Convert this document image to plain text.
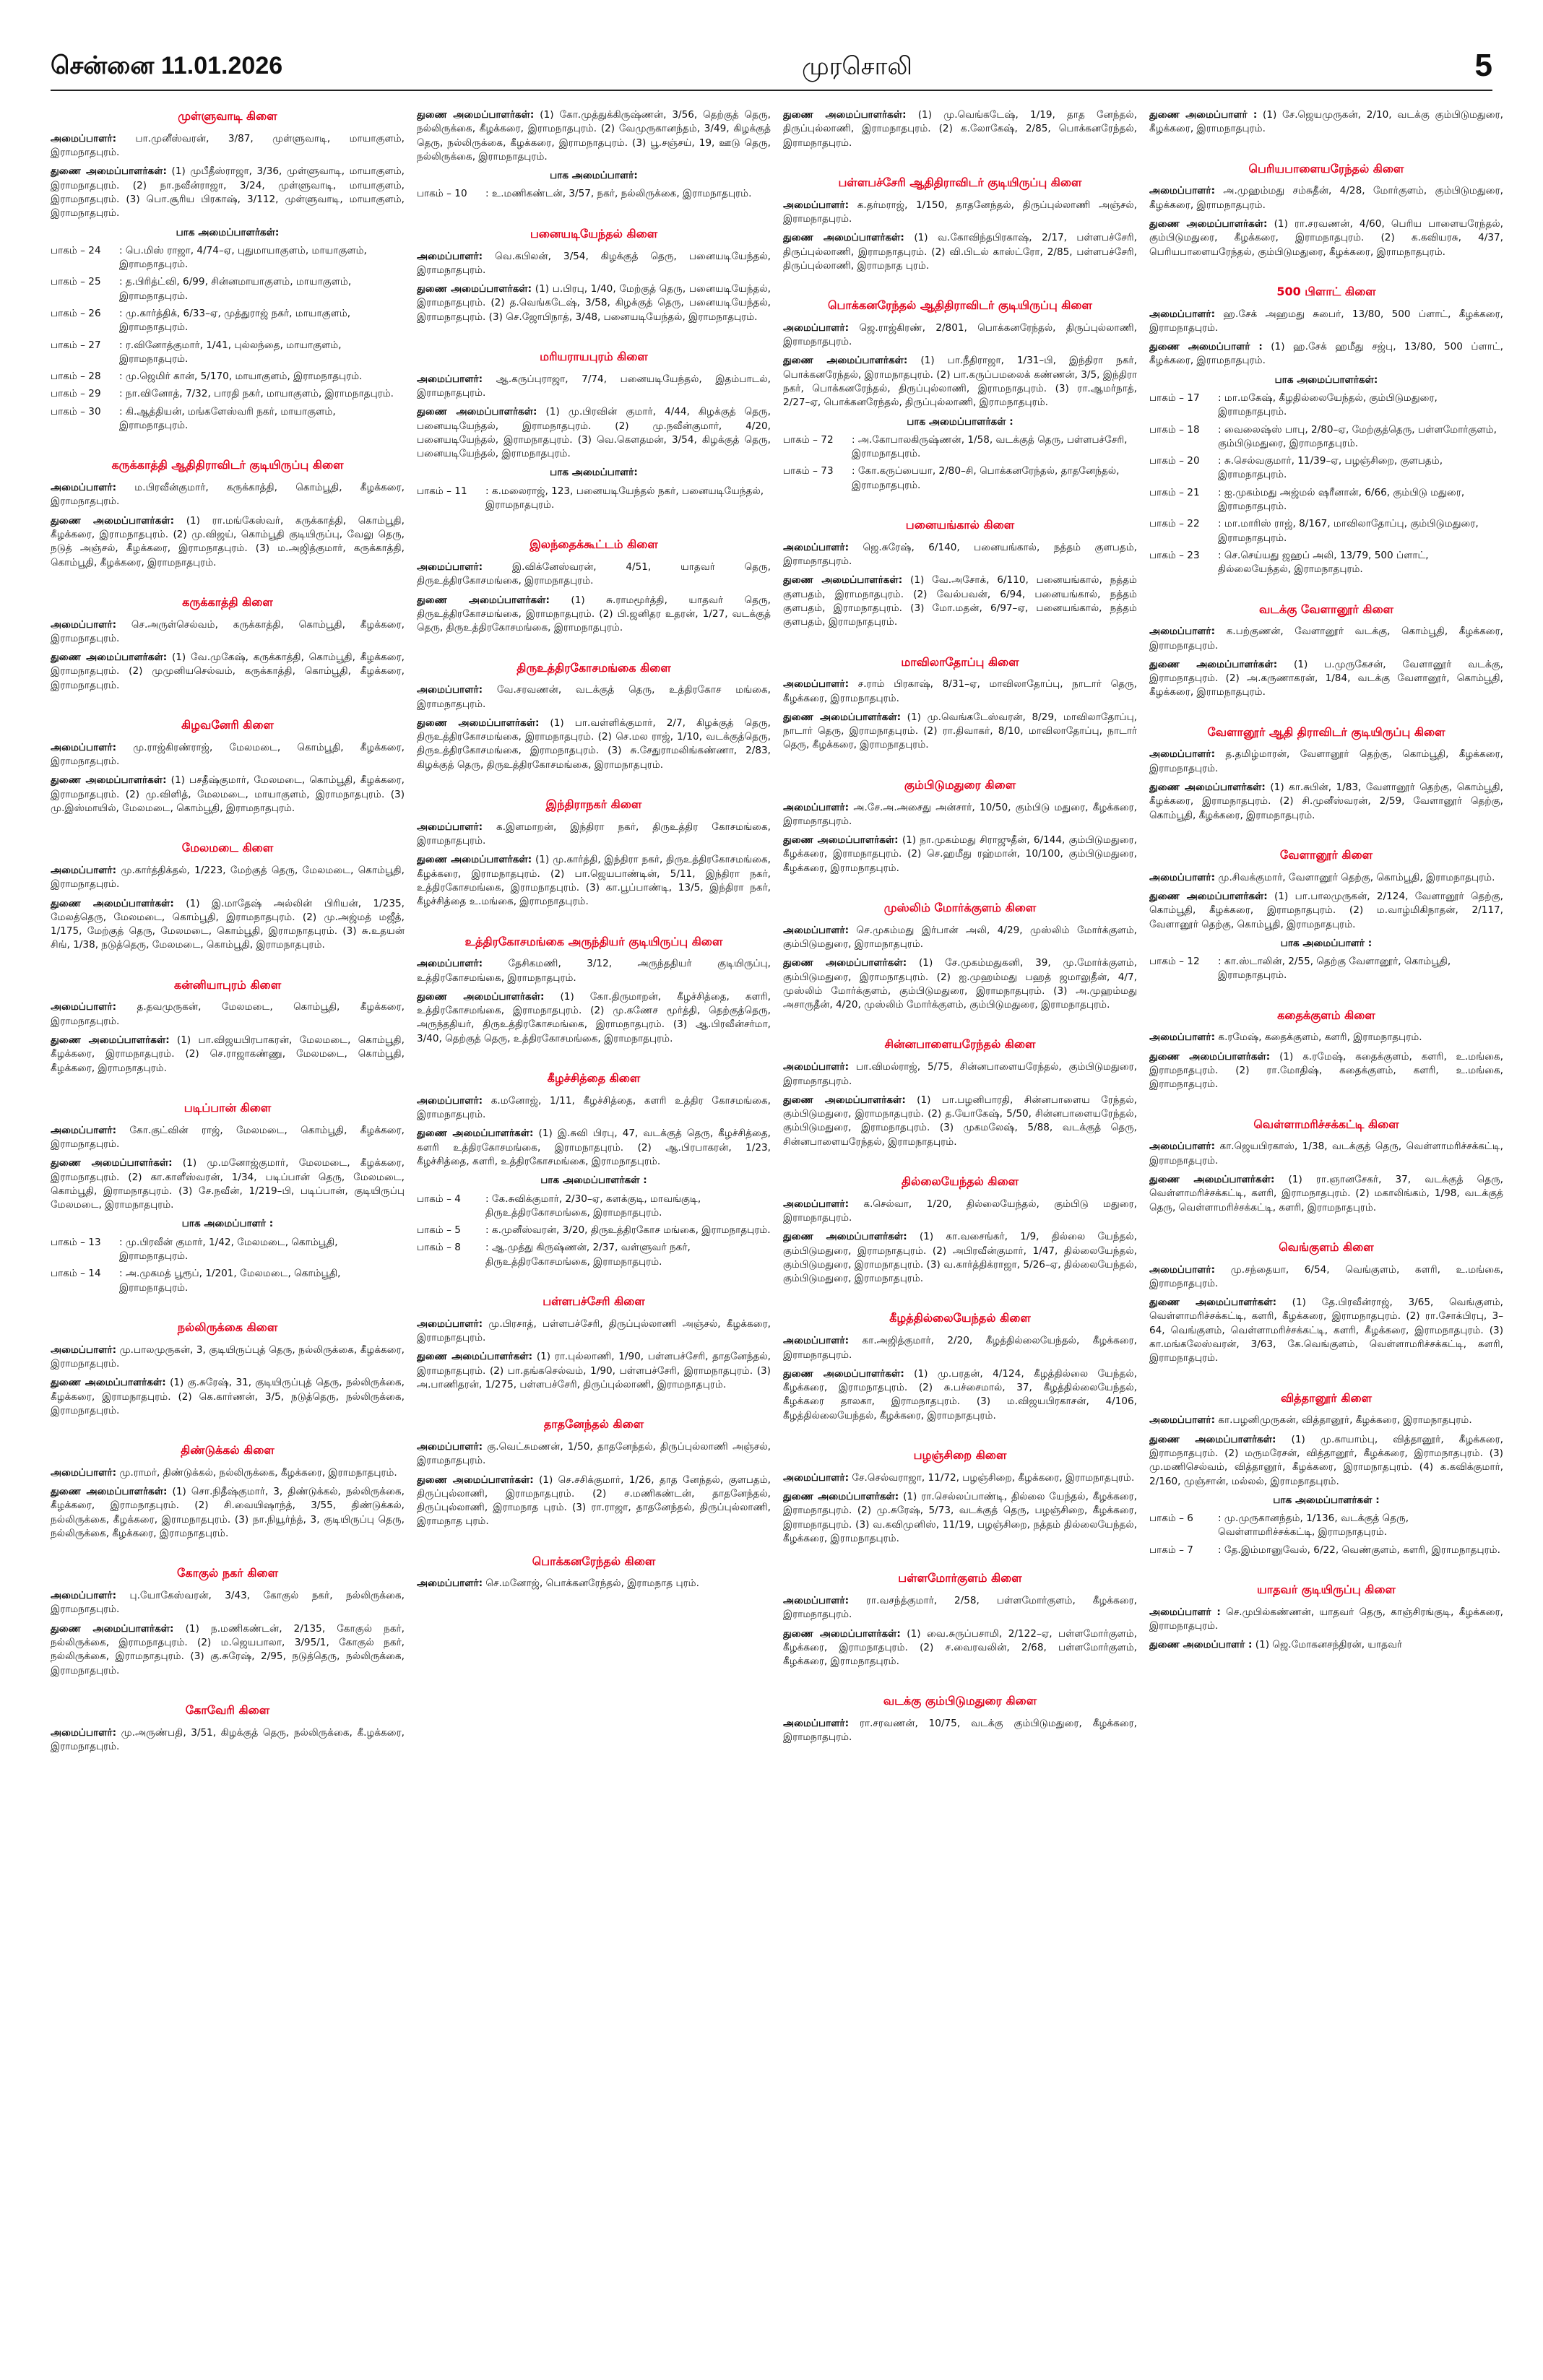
சென்னை 11.01.2026	முரசொலி	5
முள்ளுவாடி கிளை
அமைப்பாளர்: பா.முனீஸ்வரன், 3/87, முள்ளுவாடி, மாயாகுளம், இராமநாதபுரம்.
துணை அமைப்பாளர்கள்: (1) முபீதீஸ்ராஜா, 3/36, முள்ளுவாடி, மாயாகுளம், இராமநாதபுரம். (2) நா.நவீன்ராஜா, 3/24, முள்ளுவாடி, மாயாகுளம், இராமநாதபுரம். (3) பொ.சூரிய பிரகாஷ், 3/112, முள்ளுவாடி, மாயாகுளம், இராமநாதபுரம்.
பாக அமைப்பாளர்கள்:
பாகம் – 24	: பெ.மிஸ் ராஜா, 4/74–ஏ, புதுமாயாகுளம், மாயாகுளம், இராமநாதபுரம்.
பாகம் – 25	: த.பிரித்ட்வி, 6/99, சின்னமாயாகுளம், மாயாகுளம், இராமநாதபுரம்.
பாகம் – 26	: மு.கார்த்திக், 6/33–ஏ, முத்துராஜ் நகர், மாயாகுளம், இராமநாதபுரம்.
பாகம் – 27	: ர.வினோத்குமார், 1/41, புல்லந்தை, மாயாகுளம், இராமநாதபுரம்.
பாகம் – 28	: மு.ஜெமிர் கான், 5/170, மாயாகுளம், இராமநாதபுரம்.
பாகம் – 29	: நா.வினோத், 7/32, பாரதி நகர், மாயாகுளம், இராமநாதபுரம்.
பாகம் – 30	: கி.ஆத்தியன், மங்களேஸ்வரி நகர், மாயாகுளம், இராமநாதபுரம்.
கருக்காத்தி ஆதிதிராவிடர் குடியிருப்பு கிளை
அமைப்பாளர்: ம.பிரவீன்குமார், கருக்காத்தி, கொம்பூதி, கீழக்கரை, இராமநாதபுரம்.
துணை அமைப்பாளர்கள்: (1) ரா.மங்கேஸ்வர், கருக்காத்தி, கொம்பூதி, கீழக்கரை, இராமநாதபுரம். (2) மு.விஜய், கொம்பூதி குடியிருப்பு, வேலு தெரு, நடுத் அஞ்சல், கீழக்கரை, இராமநாதபுரம். (3) ம.அஜித்குமார், கருக்காத்தி, கொம்பூதி, கீழக்கரை, இராமநாதபுரம்.
கருக்காத்தி கிளை
அமைப்பாளர்: செ.அருள்செல்வம், கருக்காத்தி, கொம்பூதி, கீழக்கரை, இராமநாதபுரம்.
துணை அமைப்பாளர்கள்: (1) வே.முகேஷ், கருக்காத்தி, கொம்பூதி, கீழக்கரை, இராமநாதபுரம். (2) முமுனியசெல்வம், கருக்காத்தி, கொம்பூதி, கீழக்கரை, இராமநாதபுரம்.
கிழவனேரி கிளை
அமைப்பாளர்: மு.ராஜ்கிரண்ராஜ், மேலமடை, கொம்பூதி, கீழக்கரை, இராமநாதபுரம்.
துணை அமைப்பாளர்கள்: (1) பசதீஷ்குமார், மேலமடை, கொம்பூதி, கீழக்கரை, இராமநாதபுரம். (2) மு.விளித், மேலமடை, மாயாகுளம், இராமநாதபுரம். (3) மு.இஸ்மாயில், மேலமடை, கொம்பூதி, இராமநாதபுரம்.
மேலமடை கிளை
அமைப்பாளர்: மு.கார்த்திக்தல், 1/223, மேற்குத் தெரு, மேலமடை, கொம்பூதி, இராமநாதபுரம்.
துணை அமைப்பாளர்கள்: (1) இ.மாதேஷ் அல்லின் பிரியன், 1/235, மேலத்தெரு, மேலமடை, கொம்பூதி, இராமநாதபுரம். (2) மு.அஜ்மத் மஜீத், 1/175, மேற்குத் தெரு, மேலமடை, கொம்பூதி, இராமநாதபுரம். (3) சு.உதயன் சிங், 1/38, நடுத்தெரு, மேலமடை, கொம்பூதி, இராமநாதபுரம்.
கன்னியாபுரம் கிளை
அமைப்பாளர்: த.தவமுருகன், மேலமடை, கொம்பூதி, கீழக்கரை, இராமநாதபுரம்.
துணை அமைப்பாளர்கள்: (1) பா.விஜயபிரபாகரன், மேலமடை, கொம்பூதி, கீழக்கரை, இராமநாதபுரம். (2) செ.ராஜாகண்ணு, மேலமடை, கொம்பூதி, கீழக்கரை, இராமநாதபுரம்.
படிப்பான் கிளை
அமைப்பாளர்: கோ.குட்வின் ராஜ், மேலமடை, கொம்பூதி, கீழக்கரை, இராமநாதபுரம்.
துணை அமைப்பாளர்கள்: (1) மு.மனோஜ்குமார், மேலமடை, கீழக்கரை, இராமநாதபுரம். (2) கா.காளீஸ்வரன், 1/34, படிப்பான் தெரு, மேலமடை, கொம்பூதி, இராமநாதபுரம். (3) சே.நவீன், 1/219–பி, படிப்பான், குடியிருப்பு மேலமடை, இராமநாதபுரம்.
பாக அமைப்பாளர் :
பாகம் – 13	: மு.பிரவீன் குமார், 1/42, மேலமடை, கொம்பூதி, இராமநாதபுரம்.
பாகம் – 14	: அ.முகமத் பூரூப், 1/201, மேலமடை, கொம்பூதி, இராமநாதபுரம்.
நல்லிருக்கை கிளை
அமைப்பாளர்: மு.பாலமுருகன், 3, குடியிருப்புத் தெரு, நல்லிருக்கை, கீழக்கரை, இராமநாதபுரம்.
துணை அமைப்பாளர்கள்: (1) கு.சுரேஷ், 31, குடியிருப்புத் தெரு, நல்லிருக்கை, கீழக்கரை, இராமநாதபுரம். (2) கெ.கார்ணன், 3/5, நடுத்தெரு, நல்லிருக்கை, இராமநாதபுரம்.
திண்டுக்கல் கிளை
அமைப்பாளர்: மு.ராமர், திண்டுக்கல், நல்லிருக்கை, கீழக்கரை, இராமநாதபுரம்.
துணை அமைப்பாளர்கள்: (1) சொ.நிதீஷ்குமார், 3, திண்டுக்கல், நல்லிருக்கை, கீழக்கரை, இராமநாதபுரம். (2) சி.வையிஷாந்த், 3/55, திண்டுக்கல், நல்லிருக்கை, கீழக்கரை, இராமநாதபுரம். (3) நா.நியூர்ந்த், 3, குடியிருப்பு தெரு, நல்லிருக்கை, கீழக்கரை, இராமநாதபுரம்.
கோகுல் நகர் கிளை
அமைப்பாளர்: பு.யோகேஸ்வரன், 3/43, கோகுல் நகர், நல்லிருக்கை, இராமநாதபுரம்.
துணை அமைப்பாளர்கள்: (1) ந.மணிகண்டன், 2/135, கோகுல் நகர், நல்லிருக்கை, இராமநாதபுரம். (2) ம.ஜெயபாலா, 3/95/1, கோகுல் நகர், நல்லிருக்கை, இராமநாதபுரம். (3) கு.சுரேஷ், 2/95, நடுத்தெரு, நல்லிருக்கை, இராமநாதபுரம்.
கோவேரி கிளை
அமைப்பாளர்: மு.அருண்பதி, 3/51, கிழக்குத் தெரு, நல்லிருக்கை, கீ.ழக்கரை, இராமநாதபுரம்.
துணை அமைப்பாளர்கள்: (1) கோ.முத்துக்கிருஷ்ணன், 3/56, தெற்குத் தெரு, நல்லிருக்கை, கீழக்கரை, இராமநாதபுரம். (2) வேமுருகானந்தம், 3/49, கிழக்குத் தெரு, நல்லிருக்கை, கீழக்கரை, இராமநாதபுரம். (3) பூ.சஞ்சய், 19, ஊடு தெரு, நல்லிருக்கை, இராமநாதபுரம்.
பாக அமைப்பாளர்:
பாகம் – 10	: உ.மணிகண்டன், 3/57, நகர், நல்லிருக்கை, இராமநாதபுரம்.
பனையடியேந்தல் கிளை
அமைப்பாளர்: வெ.கபிலன், 3/54, கிழக்குத் தெரு, பனையடியேந்தல், இராமநாதபுரம்.
துணை அமைப்பாளர்கள்: (1) ப.பிரபு, 1/40, மேற்குத் தெரு, பனையடியேந்தல், இராமநாதபுரம். (2) த.வெங்கடேஷ், 3/58, கிழக்குத் தெரு, பனையடியேந்தல், இராமநாதபுரம். (3) செ.ஜோபிநாத், 3/48, பனையடியேந்தல், இராமநாதபுரம்.
மரியராயபுரம் கிளை
அமைப்பாளர்: ஆ.கருப்புராஜா, 7/74, பனையடியேந்தல், இதம்பாடல், இராமநாதபுரம்.
துணை அமைப்பாளர்கள்: (1) மு.பிரவின் குமார், 4/44, கிழக்குத் தெரு, பனையடியேந்தல், இராமநாதபுரம். (2) மு.நவீன்குமார், 4/20, பனையடியேந்தல், இராமநாதபுரம். (3) வெ.கௌதமன், 3/54, கிழக்குத் தெரு, பனையடியேந்தல், இராமநாதபுரம்.
பாக அமைப்பாளர்:
பாகம் – 11	: க.மலைராஜ், 123, பனையடியேந்தல் நகர், பனையடியேந்தல், இராமநாதபுரம்.
இலந்தைக்கூட்டம் கிளை
அமைப்பாளர்: இ.விக்னேஸ்வரன், 4/51, யாதவர் தெரு, திருஉத்திரகோசமங்கை, இராமநாதபுரம்.
துணை அமைப்பாளர்கள்: (1) சு.ராமமூர்த்தி, யாதவர் தெரு, திருஉத்திரகோசமங்கை, இராமநாதபுரம். (2) பி.ஜனிதர உதரன், 1/27, வடக்குத் தெரு, திருஉத்திரகோசமங்கை, இராமநாதபுரம்.
திருஉத்திரகோசமங்கை கிளை
அமைப்பாளர்: வே.சரவணன், வடக்குத் தெரு, உத்திரகோச மங்கை, இராமநாதபுரம்.
துணை அமைப்பாளர்கள்: (1) பா.வள்ளிக்குமார், 2/7, கிழக்குத் தெரு, திருஉத்திரகோசமங்கை, இராமநாதபுரம். (2) செ.மல ராஜ், 1/10, வடக்குத்தெரு, திருஉத்திரகோசமங்கை, இராமநாதபுரம். (3) சு.சேதுராமலிங்கண்ணா, 2/83, கிழக்குத் தெரு, திருஉத்திரகோசமங்கை, இராமநாதபுரம்.
இந்திராநகர் கிளை
அமைப்பாளர்: க.இளமாறன், இந்திரா நகர், திருஉத்திர கோசமங்கை, இராமநாதபுரம்.
துணை அமைப்பாளர்கள்: (1) மு.கார்த்தி, இந்திரா நகர், திருஉத்திரகோசமங்கை, கீழக்கரை, இராமநாதபுரம். (2) பா.ஜெயபாண்டின், 5/11, இந்திரா நகர், உத்திரகோசமங்கை, இராமநாதபுரம். (3) கா.பூப்பாண்டி, 13/5, இந்திரா நகர், கீழச்சித்தை உ.மங்கை, இராமநாதபுரம்.
உத்திரகோசமங்கை அருந்தியர் குடியிருப்பு கிளை
அமைப்பாளர்: தேசிகமணி, 3/12, அருந்ததியர் குடியிருப்பு, உத்திரகோசமங்கை, இராமநாதபுரம்.
துணை அமைப்பாளர்கள்: (1) கோ.திருமாறன், கீழச்சித்தை, களரி, உத்திரகோசமங்கை, இராமநாதபுரம். (2) மு.கணேச மூர்த்தி, தெற்குத்தெரு, அருந்ததியர், திருஉத்திரகோசமங்கை, இராமநாதபுரம். (3) ஆ.பிரவீன்சர்மா, 3/40, தெற்குத் தெரு, உத்திரகோசமங்கை, இராமநாதபுரம்.
கீழச்சித்தை கிளை
அமைப்பாளர்: க.மனோஜ், 1/11, கீழச்சித்தை, களரி உத்திர கோசமங்கை, இராமநாதபுரம்.
துணை அமைப்பாளர்கள்: (1) இ.சுவி பிரபு, 47, வடக்குத் தெரு, கீழச்சித்தை, களரி உத்திரகோசமங்கை, இராமநாதபுரம். (2) ஆ.பிரபாகரன், 1/23, கீழச்சித்தை, களரி, உத்திரகோசமங்கை, இராமநாதபுரம்.
பாக அமைப்பாளர்கள் :
பாகம் – 4	: கே.சுவிக்குமார், 2/30–ஏ, களக்குடி, மாவங்குடி, திருஉத்திரகோசமங்கை, இராமநாதபுரம்.
பாகம் – 5	: க.முனீஸ்வரன், 3/20, திருஉத்திரகோச மங்கை, இராமநாதபுரம்.
பாகம் – 8	: ஆ.முத்து கிருஷ்ணன், 2/37, வள்ளுவர் நகர், திருஉத்திரகோசமங்கை, இராமநாதபுரம்.
பள்ளபச்சேரி கிளை
அமைப்பாளர்: மு.பிரசாத், பள்ளபச்சேரி, திருப்புல்லாணி அஞ்சல், கீழக்கரை, இராமநாதபுரம்.
துணை அமைப்பாளர்கள்: (1) ரா.புல்லாணி, 1/90, பள்ளபச்சேரி, தாதனேந்தல், இராமநாதபுரம். (2) பா.தங்கசெல்வம், 1/90, பள்ளபச்சேரி, இராமநாதபுரம். (3) அ.பாணிதரன், 1/275, பள்ளபச்சேரி, திருப்புல்லாணி, இராமநாதபுரம்.
தாதனேந்தல் கிளை
அமைப்பாளர்: கு.வெட்சுமணன், 1/50, தாதனேந்தல், திருப்புல்லாணி அஞ்சல், இராமநாதபுரம்.
துணை அமைப்பாளர்கள்: (1) செ.சசிக்குமார், 1/26, தாத னேந்தல், குளபதம், திருப்புல்லாணி, இராமநாதபுரம். (2) ச.மணிகண்டன், தாதனேந்தல், திருப்புல்லாணி, இராமநாத புரம். (3) ரா.ராஜா, தாதனேந்தல், திருப்புல்லாணி, இராமநாத புரம்.
பொக்கனரேந்தல் கிளை
அமைப்பாளர்: செ.மனோஜ், பொக்கனரேந்தல், இராமநாத புரம்.
துணை அமைப்பாளர்கள்: (1) மு.வெங்கடேஷ், 1/19, தாத னேந்தல், திருப்புல்லாணி, இராமநாதபுரம். (2) க.லோகேஷ், 2/85, பொக்கனரேந்தல், இராமநாதபுரம்.
பள்ளபச்சேரி ஆதிதிராவிடர் குடியிருப்பு கிளை
அமைப்பாளர்: க.தர்மராஜ், 1/150, தாதனேந்தல், திருப்புல்லாணி அஞ்சல், இராமநாதபுரம்.
துணை அமைப்பாளர்கள்: (1) வ.கோவிந்தபிரகாஷ், 2/17, பள்ளபச்சேரி, திருப்புல்லாணி, இராமநாதபுரம். (2) வி.பிடல் காஸ்ட்ரோ, 2/85, பள்ளபச்சேரி, திருப்புல்லாணி, இராமநாத புரம்.
பொக்கனரேந்தல் ஆதிதிராவிடர் குடியிருப்பு கிளை
அமைப்பாளர்: ஜெ.ராஜ்கிரண், 2/801, பொக்கனரேந்தல், திருப்புல்லாணி, இராமநாதபுரம்.
துணை அமைப்பாளர்கள்: (1) பா.நீதிராஜா, 1/31–பி, இந்திரா நகர், பொக்கனரேந்தல், இராமநாதபுரம். (2) பா.கருப்பமலைக் கண்ணன், 3/5, இந்திரா நகர், பொக்கனரேந்தல், திருப்புல்லாணி, இராமநாதபுரம். (3) ரா.ஆமர்நாத், 2/27–ஏ, பொக்கனரேந்தல், திருப்புல்லாணி, இராமநாதபுரம்.
பாக அமைப்பாளர்கள் :
பாகம் – 72	: அ.கோபாலகிருஷ்ணன், 1/58, வடக்குத் தெரு, பள்ளபச்சேரி, இராமநாதபுரம்.
பாகம் – 73	: கோ.கருப்பையா, 2/80–சி, பொக்கனரேந்தல், தாதனேந்தல், இராமநாதபுரம்.
பனையங்கால் கிளை
அமைப்பாளர்: ஜெ.சுரேஷ், 6/140, பனையங்கால், நத்தம் குளபதம், இராமநாதபுரம்.
துணை அமைப்பாளர்கள்: (1) வே.அசோக், 6/110, பனையங்கால், நத்தம் குளபதம், இராமநாதபுரம். (2) வேல்பவன், 6/94, பனையங்கால், நத்தம் குளபதம், இராமநாதபுரம். (3) மோ.மதன், 6/97–ஏ, பனையங்கால், நத்தம் குளபதம், இராமநாதபுரம்.
மாவிலாதோப்பு கிளை
அமைப்பாளர்: ச.ராம் பிரகாஷ், 8/31–ஏ, மாவிலாதோப்பு, நாடார் தெரு, கீழக்கரை, இராமநாதபுரம்.
துணை அமைப்பாளர்கள்: (1) மு.வெங்கடேஸ்வரன், 8/29, மாவிலாதோப்பு, நாடார் தெரு, இராமநாதபுரம். (2) ரா.திவாகர், 8/10, மாவிலாதோப்பு, நாடார் தெரு, கீழக்கரை, இராமநாதபுரம்.
கும்பிடுமதுரை கிளை
அமைப்பாளர்: அ.சே.அ.அசைது அன்சார், 10/50, கும்பிடு மதுரை, கீழக்கரை, இராமநாதபுரம்.
துணை அமைப்பாளர்கள்: (1) நா.முகம்மது சிராஜுதீன், 6/144, கும்பிடுமதுரை, கீழக்கரை, இராமநாதபுரம். (2) செ.ஹமீது ரஹ்மான், 10/100, கும்பிடுமதுரை, கீழக்கரை, இராமநாதபுரம்.
முஸ்லிம் மோர்க்குளம் கிளை
அமைப்பாளர்: செ.முகம்மது இர்பான் அலி, 4/29, முஸ்லிம் மோர்க்குளம், கும்பிடுமதுரை, இராமநாதபுரம்.
துணை அமைப்பாளர்கள்: (1) சே.முகம்மதுகனி, 39, மு.மோர்க்குளம், கும்பிடுமதுரை, இராமநாதபுரம். (2) ஐ.முஹம்மது பஹத் ஜமாலுதீன், 4/7, முஸ்லிம் மோர்க்குளம், கும்பிடுமதுரை, இராமநாதபுரம். (3) அ.முஹம்மது அசாருதீன், 4/20, முஸ்லிம் மோர்க்குளம், கும்பிடுமதுரை, இராமநாதபுரம்.
சின்னபாளையரேந்தல் கிளை
அமைப்பாளர்: பா.விமல்ராஜ், 5/75, சின்னபாளையரேந்தல், கும்பிடுமதுரை, இராமநாதபுரம்.
துணை அமைப்பாளர்கள்: (1) பா.பழனிபாரதி, சின்னபாளைய ரேந்தல், கும்பிடுமதுரை, இராமநாதபுரம். (2) த.யோகேஷ், 5/50, சின்னபாளையரேந்தல், கும்பிடுமதுரை, இராமநாதபுரம். (3) முகமலேஷ், 5/88, வடக்குத் தெரு, சின்னபாளையரேந்தல், இராமநாதபுரம்.
தில்லையேந்தல் கிளை
அமைப்பாளர்: க.செல்வா, 1/20, தில்லையேந்தல், கும்பிடு மதுரை, இராமநாதபுரம்.
துணை அமைப்பாளர்கள்: (1) கா.வசைங்கர், 1/9, தில்லை யேந்தல், கும்பிடுமதுரை, இராமநாதபுரம். (2) அபிரவீன்குமார், 1/47, தில்லையேந்தல், கும்பிடுமதுரை, இராமநாதபுரம். (3) வ.கார்த்திக்ராஜா, 5/26–ஏ, தில்லையேந்தல், கும்பிடுமதுரை, இராமநாதபுரம்.
கீழத்தில்லையேந்தல் கிளை
அமைப்பாளர்: கா.அஜித்குமார், 2/20, கீழத்தில்லையேந்தல், கீழக்கரை, இராமநாதபுரம்.
துணை அமைப்பாளர்கள்: (1) மு.பரதன், 4/124, கீழத்தில்லை யேந்தல், கீழக்கரை, இராமநாதபுரம். (2) சு.பச்சைமால், 37, கீழத்தில்லையேந்தல், கீழக்கரை தாலகா, இராமநாதபுரம். (3) ம.விஜயபிரகாசன், 4/106, கீழத்தில்லையேந்தல், கீழக்கரை, இராமநாதபுரம்.
பழஞ்சிறை கிளை
அமைப்பாளர்: சே.செல்வராஜா, 11/72, பழஞ்சிறை, கீழக்கரை, இராமநாதபுரம்.
துணை அமைப்பாளர்கள்: (1) ரா.செல்லப்பாண்டி, தில்லை யேந்தல், கீழக்கரை, இராமநாதபுரம். (2) மு.சுரேஷ், 5/73, வடக்குத் தெரு, பழஞ்சிறை, கீழக்கரை, இராமநாதபுரம். (3) வ.கவிமுனிஸ், 11/19, பழஞ்சிறை, நத்தம் தில்லையேந்தல், கீழக்கரை, இராமநாதபுரம்.
பள்ளமோர்குளம் கிளை
அமைப்பாளர்: ரா.வசந்த்குமார், 2/58, பள்ளமோர்குளம், கீழக்கரை, இராமநாதபுரம்.
துணை அமைப்பாளர்கள்: (1) வை.சுருப்பசாமி, 2/122–ஏ, பள்ளமோர்குளம், கீழக்கரை, இராமநாதபுரம். (2) ச.வைரவலின், 2/68, பள்ளமோர்குளம், கீழக்கரை, இராமநாதபுரம்.
வடக்கு கும்பிடுமதுரை கிளை
அமைப்பாளர்: ரா.சரவணன், 10/75, வடக்கு கும்பிடுமதுரை, கீழக்கரை, இராமநாதபுரம்.
துணை அமைப்பாளர் : (1) சே.ஜெயமுருகன், 2/10, வடக்கு கும்பிடுமதுரை, கீழக்கரை, இராமநாதபுரம்.
பெரியபாளையரேந்தல் கிளை
அமைப்பாளர்: அ.முஹம்மது சம்சுதீன், 4/28, மோர்குளம், கும்பிடுமதுரை, கீழக்கரை, இராமநாதபுரம்.
துணை அமைப்பாளர்கள்: (1) ரா.சரவணன், 4/60, பெரிய பாளையரேந்தல், கும்பிடுமதுரை, கீழக்கரை, இராமநாதபுரம். (2) க.கவியரசு, 4/37, பெரியபாளையரேந்தல், கும்பிடுமதுரை, கீழக்கரை, இராமநாதபுரம்.
500 பிளாட் கிளை
அமைப்பாளர்: ஹ.சேக் அஹமது சுபைர், 13/80, 500 ப்ளாட், கீழக்கரை, இராமநாதபுரம்.
துணை அமைப்பாளர் : (1) ஹ.சேக் ஹமீது சஜ்பு, 13/80, 500 ப்ளாட், கீழக்கரை, இராமநாதபுரம்.
பாக அமைப்பாளர்கள்:
பாகம் – 17	: மா.மகேஷ், கீழதில்லையேந்தல், கும்பிடுமதுரை, இராமநாதபுரம்.
பாகம் – 18	: வைலைஷ்ஸ் பாபு, 2/80–ஏ, மேற்குத்தெரு, பள்ளமோர்குளம், கும்பிடுமதுரை, இராமநாதபுரம்.
பாகம் – 20	: சு.செல்வகுமார், 11/39–ஏ, பழஞ்சிறை, குளபதம், இராமநாதபுரம்.
பாகம் – 21	: ஐ.முகம்மது அஜ்மல் ஷரீனான், 6/66, கும்பிடு மதுரை, இராமநாதபுரம்.
பாகம் – 22	: மா.மாரிஸ் ராஜ், 8/167, மாவிலாதோப்பு, கும்பிடுமதுரை, இராமநாதபுரம்.
பாகம் – 23	: செ.செய்யது ஜஹப் அலி, 13/79, 500 ப்ளாட், தில்லையேந்தல், இராமநாதபுரம்.
வடக்கு வேளானூர் கிளை
அமைப்பாளர்: க.பற்குணன், வேளானூர் வடக்கு, கொம்பூதி, கீழக்கரை, இராமநாதபுரம்.
துணை அமைப்பாளர்கள்: (1) ப.முருகேசன், வேளானூர் வடக்கு, இராமநாதபுரம். (2) அ.கருணாகரன், 1/84, வடக்கு வேளானூர், கொம்பூதி, கீழக்கரை, இராமநாதபுரம்.
வேளானூர் ஆதி திராவிடர் குடியிருப்பு கிளை
அமைப்பாளர்: த.தமிழ்மாரன், வேளானூர் தெற்கு, கொம்பூதி, கீழக்கரை, இராமநாதபுரம்.
துணை அமைப்பாளர்கள்: (1) கா.சுபின், 1/83, வேளானூர் தெற்கு, கொம்பூதி, கீழக்கரை, இராமநாதபுரம். (2) சி.முனீஸ்வரன், 2/59, வேளானூர் தெற்கு, கொம்பூதி, கீழக்கரை, இராமநாதபுரம்.
வேளானூர் கிளை
அமைப்பாளர்: மு.சிவக்குமார், வேளானூர் தெற்கு, கொம்பூதி, இராமநாதபுரம்.
துணை அமைப்பாளர்கள்: (1) பா.பாலமுருகன், 2/124, வேளானூர் தெற்கு, கொம்பூதி, கீழக்கரை, இராமநாதபுரம். (2) ம.வாழ்மிகிநாதன், 2/117, வேளானூர் தெற்கு, கொம்பூதி, இராமநாதபுரம்.
பாக அமைப்பாளர் :
பாகம் – 12	: கா.ஸ்டாலின், 2/55, தெற்கு வேளானூர், கொம்பூதி, இராமநாதபுரம்.
கதைக்குளம் கிளை
அமைப்பாளர்: க.ரமேஷ், கதைக்குளம், களரி, இராமநாதபுரம்.
துணை அமைப்பாளர்கள்: (1) க.ரமேஷ், கதைக்குளம், களரி, உ.மங்கை, இராமநாதபுரம். (2) ரா.மோதிஷ், கதைக்குளம், களரி, உ.மங்கை, இராமநாதபுரம்.
வெள்ளாமரிச்சக்கட்டி கிளை
அமைப்பாளர்: கா.ஜெயபிரகாஸ், 1/38, வடக்குத் தெரு, வெள்ளாமரிச்சக்கட்டி, இராமநாதபுரம்.
துணை அமைப்பாளர்கள்: (1) ரா.ஞானசேகர், 37, வடக்குத் தெரு, வெள்ளாமரிச்சக்கட்டி, களரி, இராமநாதபுரம். (2) மகாலிங்கம், 1/98, வடக்குத் தெரு, வெள்ளாமரிச்சக்கட்டி, களரி, இராமநாதபுரம்.
வெங்குளம் கிளை
அமைப்பாளர்: மு.சந்தையா, 6/54, வெங்குளம், களரி, உ.மங்கை, இராமநாதபுரம்.
துணை அமைப்பாளர்கள்: (1) தே.பிரவீன்ராஜ், 3/65, வெங்குளம், வெள்ளாமரிச்சக்கட்டி, களரி, கீழக்கரை, இராமநாதபுரம். (2) ரா.சோக்பிரபு, 3–64, வெங்குளம், வெள்ளாமரிச்சக்கட்டி, களரி, கீழக்கரை, இராமநாதபுரம். (3) கா.மங்கலேஸ்வரன், 3/63, கே.வெங்குளம், வெள்ளாமரிச்சக்கட்டி, களரி, இராமநாதபுரம்.
வித்தானூர் கிளை
அமைப்பாளர்: கா.பழனிமுருகன், வித்தானூர், கீழக்கரை, இராமநாதபுரம்.
துணை அமைப்பாளர்கள்: (1) மு.காயாம்பு, வித்தானூர், கீழக்கரை, இராமநாதபுரம். (2) மருமரேசன், வித்தானூர், கீழக்கரை, இராமநாதபுரம். (3) மு.மணிசெல்வம், வித்தானூர், கீழக்கரை, இராமநாதபுரம். (4) க.கவிக்குமார், 2/160, முஞ்சான், மல்லல், இராமநாதபுரம்.
பாக அமைப்பாளர்கள் :
பாகம் – 6	: மு.முருகானந்தம், 1/136, வடக்குத் தெரு, வெள்ளாமரிச்சக்கட்டி, இராமநாதபுரம்.
பாகம் – 7	: தே.இம்மானுவேல், 6/22, வெண்குளம், களரி, இராமநாதபுரம்.
யாதவர் குடியிருப்பு கிளை
அமைப்பாளர் : செ.முபில்கண்ணன், யாதவர் தெரு, காஞ்சிரங்குடி, கீழக்கரை, இராமநாதபுரம்.
துணை அமைப்பாளர் : (1) ஜெ.மோகனசந்திரன், யாதவர்
